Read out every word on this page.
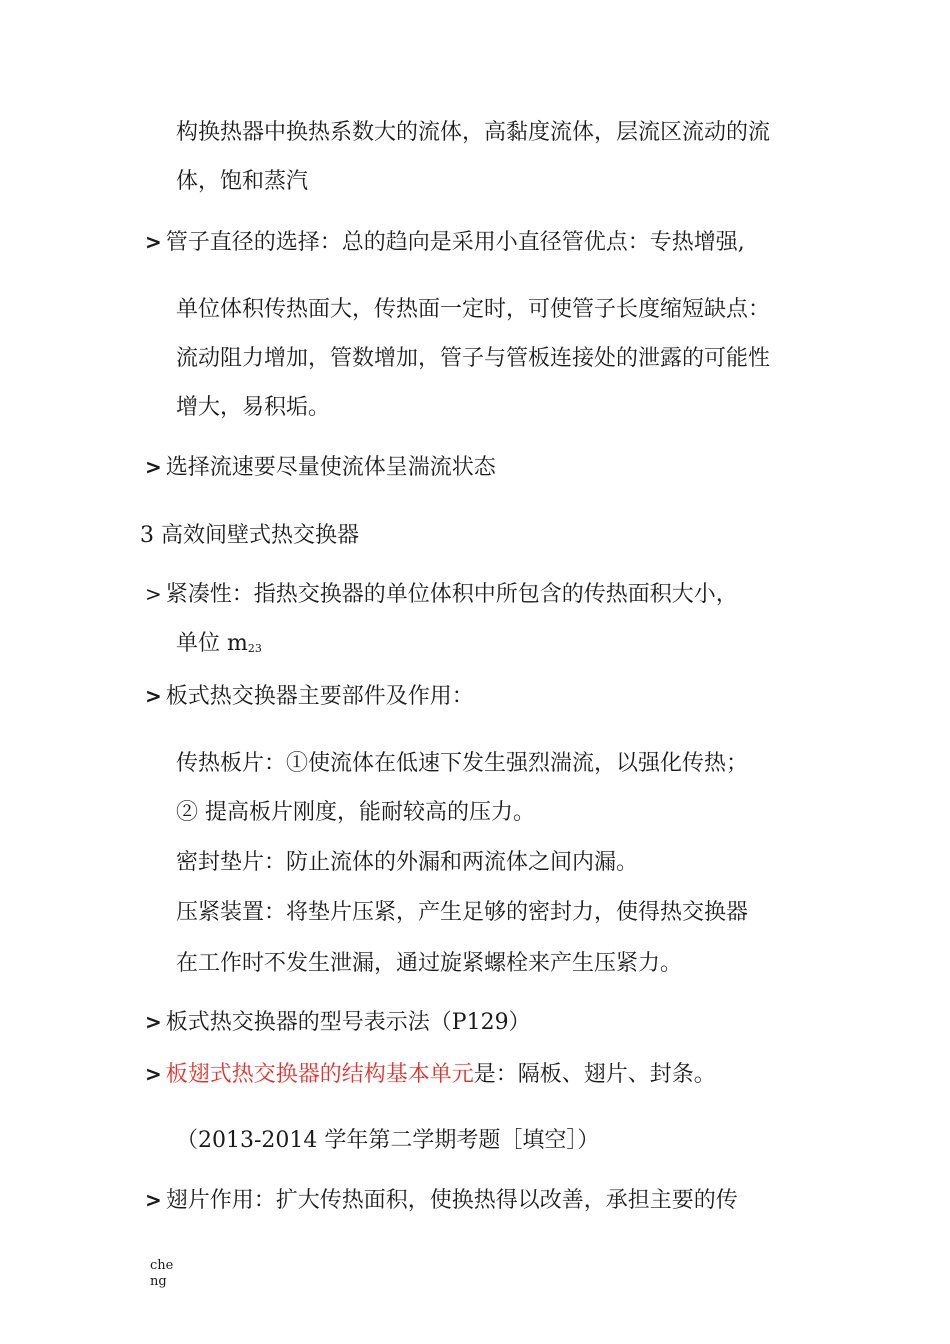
构换热器中换热系数大的流体，高黏度流体，层流区流动的流
体，饱和蒸汽
> 管子直径的选择：总的趋向是采用小直径管优点：专热增强,
单位体积传热面大，传热面一定时，可使管子长度缩短缺点：
流动阻力增加，管数增加，管子与管板连接处的泄露的可能性
增大，易积垢。
> 选择流速要尽量使流体呈湍流状态
3 高效间壁式热交换器
> 紧凑性：指热交换器的单位体积中所包含的传热面积大小，
单位 m23
> 板式热交换器主要部件及作用：
传热板片：①使流体在低速下发生强烈湍流，以强化传热；
② 提高板片刚度，能耐较高的压力。
密封垫片：防止流体的外漏和两流体之间内漏。
压紧装置：将垫片压紧，产生足够的密封力，使得热交换器
在工作时不发生泄漏，通过旋紧螺栓来产生压紧力。
> 板式热交换器的型号表示法（P129）
> 板翅式热交换器的结构基本单元是：隔板、翅片、封条。
（2013-2014 学年第二学期考题［填空］）
> 翅片作用：扩大传热面积，使换热得以改善，承担主要的传
che
ng
